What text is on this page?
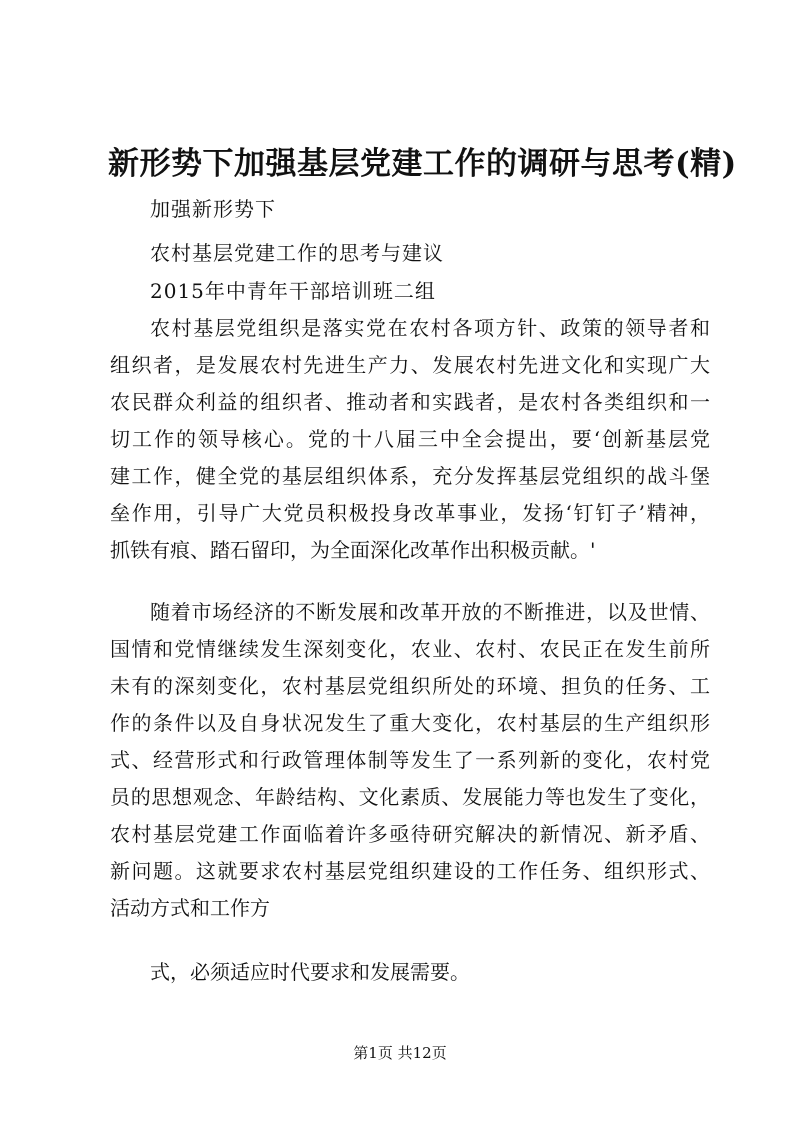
新形势下加强基层党建工作的调研与思考(精)
加强新形势下
农村基层党建工作的思考与建议
2015年中青年干部培训班二组
农村基层党组织是落实党在农村各项方针、政策的领导者和
组织者，是发展农村先进生产力、发展农村先进文化和实现广大
农民群众利益的组织者、推动者和实践者，是农村各类组织和一
切工作的领导核心。党的十八届三中全会提出，要‘创新基层党
建工作，健全党的基层组织体系，充分发挥基层党组织的战斗堡
垒作用，引导广大党员积极投身改革事业，发扬‘钉钉子’精神，
抓铁有痕、踏石留印，为全面深化改革作出积极贡献。'
随着市场经济的不断发展和改革开放的不断推进，以及世情、
国情和党情继续发生深刻变化，农业、农村、农民正在发生前所
未有的深刻变化，农村基层党组织所处的环境、担负的任务、工
作的条件以及自身状况发生了重大变化，农村基层的生产组织形
式、经营形式和行政管理体制等发生了一系列新的变化，农村党
员的思想观念、年龄结构、文化素质、发展能力等也发生了变化，
农村基层党建工作面临着许多亟待研究解决的新情况、新矛盾、
新问题。这就要求农村基层党组织建设的工作任务、组织形式、
活动方式和工作方
式，必须适应时代要求和发展需要。
第1页 共12页
